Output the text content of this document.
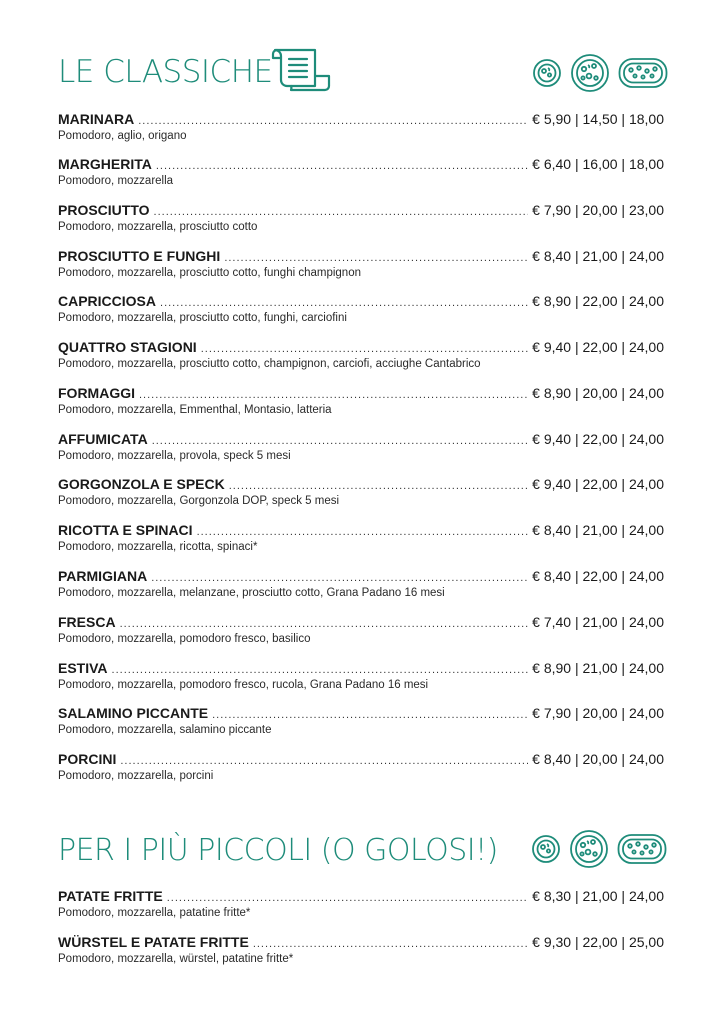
LE CLASSICHE
MARINARA .....	€ 5,90 | 14,50 | 18,00
Pomodoro, aglio, origano
MARGHERITA .....	€ 6,40 | 16,00 | 18,00
Pomodoro, mozzarella
PROSCIUTTO .....	€ 7,90 | 20,00 | 23,00
Pomodoro, mozzarella, prosciutto cotto
PROSCIUTTO E FUNGHI .....	€ 8,40 | 21,00 | 24,00
Pomodoro, mozzarella, prosciutto cotto, funghi champignon
CAPRICCIOSA .....	€ 8,90 | 22,00 | 24,00
Pomodoro, mozzarella, prosciutto cotto, funghi, carciofini
QUATTRO STAGIONI .....	€ 9,40 | 22,00 | 24,00
Pomodoro, mozzarella, prosciutto cotto, champignon, carciofi, acciughe Cantabrico
FORMAGGI .....	€ 8,90 | 20,00 | 24,00
Pomodoro, mozzarella, Emmenthal, Montasio, latteria
AFFUMICATA .....	€ 9,40 | 22,00 | 24,00
Pomodoro, mozzarella, provola, speck 5 mesi
GORGONZOLA E SPECK .....	€ 9,40 | 22,00 | 24,00
Pomodoro, mozzarella, Gorgonzola DOP, speck 5 mesi
RICOTTA E SPINACI .....	€ 8,40 | 21,00 | 24,00
Pomodoro, mozzarella, ricotta, spinaci*
PARMIGIANA .....	€ 8,40 | 22,00 | 24,00
Pomodoro, mozzarella, melanzane, prosciutto cotto, Grana Padano 16 mesi
FRESCA .....	€ 7,40 | 21,00 | 24,00
Pomodoro, mozzarella, pomodoro fresco, basilico
ESTIVA .....	€ 8,90 | 21,00 | 24,00
Pomodoro, mozzarella, pomodoro fresco, rucola, Grana Padano 16 mesi
SALAMINO PICCANTE .....	€ 7,90 | 20,00 | 24,00
Pomodoro, mozzarella, salamino piccante
PORCINI .....	€ 8,40 | 20,00 | 24,00
Pomodoro, mozzarella, porcini
PER I PIÙ PICCOLI (O GOLOSI!)
PATATE FRITTE .....	€ 8,30 | 21,00 | 24,00
Pomodoro, mozzarella, patatine fritte*
WÜRSTEL E PATATE FRITTE .....	€ 9,30 | 22,00 | 25,00
Pomodoro, mozzarella, würstel, patatine fritte*
